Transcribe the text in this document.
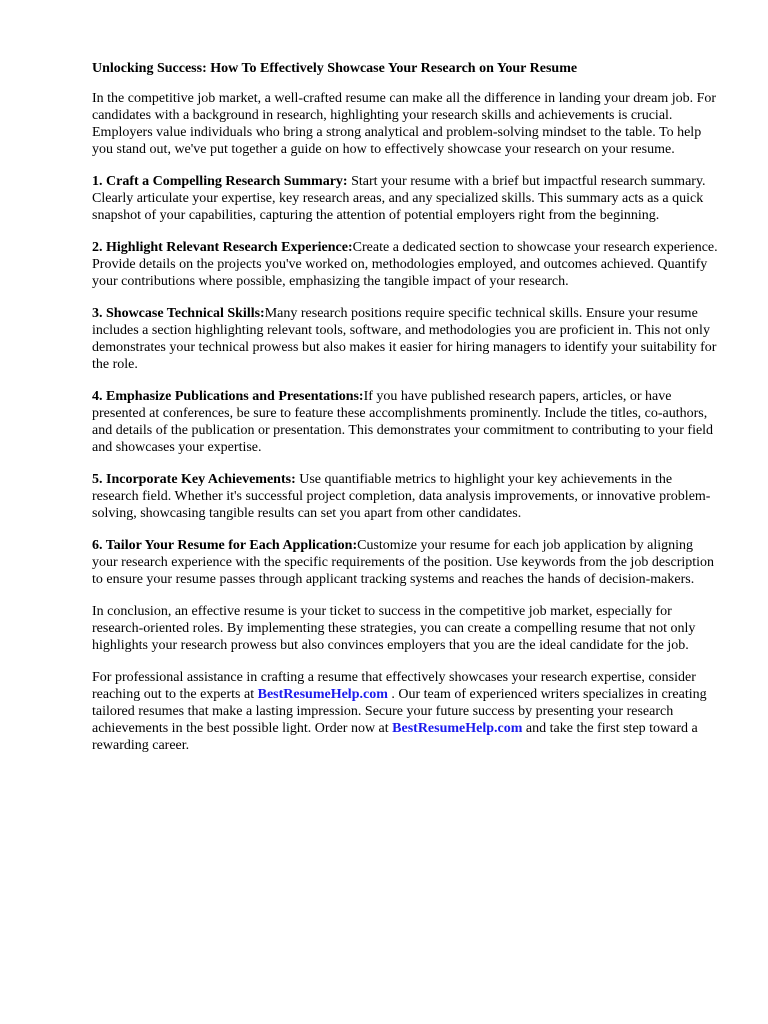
Unlocking Success: How To Effectively Showcase Your Research on Your Resume

In the competitive job market, a well-crafted resume can make all the difference in landing your dream job. For candidates with a background in research, highlighting your research skills and achievements is crucial. Employers value individuals who bring a strong analytical and problem-solving mindset to the table. To help you stand out, we've put together a guide on how to effectively showcase your research on your resume.

1. Craft a Compelling Research Summary: Start your resume with a brief but impactful research summary. Clearly articulate your expertise, key research areas, and any specialized skills. This summary acts as a quick snapshot of your capabilities, capturing the attention of potential employers right from the beginning.

2. Highlight Relevant Research Experience:Create a dedicated section to showcase your research experience. Provide details on the projects you've worked on, methodologies employed, and outcomes achieved. Quantify your contributions where possible, emphasizing the tangible impact of your research.

3. Showcase Technical Skills:Many research positions require specific technical skills. Ensure your resume includes a section highlighting relevant tools, software, and methodologies you are proficient in. This not only demonstrates your technical prowess but also makes it easier for hiring managers to identify your suitability for the role.

4. Emphasize Publications and Presentations:If you have published research papers, articles, or have presented at conferences, be sure to feature these accomplishments prominently. Include the titles, co-authors, and details of the publication or presentation. This demonstrates your commitment to contributing to your field and showcases your expertise.

5. Incorporate Key Achievements: Use quantifiable metrics to highlight your key achievements in the research field. Whether it's successful project completion, data analysis improvements, or innovative problem-solving, showcasing tangible results can set you apart from other candidates.

6. Tailor Your Resume for Each Application:Customize your resume for each job application by aligning your research experience with the specific requirements of the position. Use keywords from the job description to ensure your resume passes through applicant tracking systems and reaches the hands of decision-makers.

In conclusion, an effective resume is your ticket to success in the competitive job market, especially for research-oriented roles. By implementing these strategies, you can create a compelling resume that not only highlights your research prowess but also convinces employers that you are the ideal candidate for the job.

For professional assistance in crafting a resume that effectively showcases your research expertise, consider reaching out to the experts at BestResumeHelp.com . Our team of experienced writers specializes in creating tailored resumes that make a lasting impression. Secure your future success by presenting your research achievements in the best possible light. Order now at BestResumeHelp.com and take the first step toward a rewarding career.
